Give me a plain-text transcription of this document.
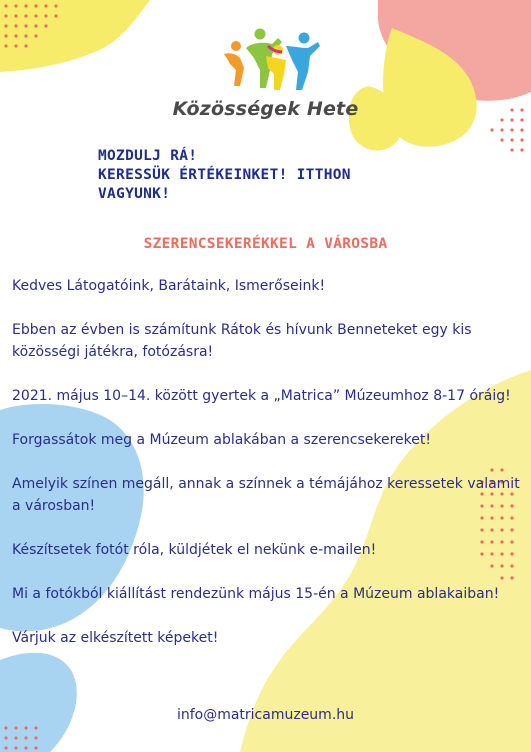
Közösségek Hete
MOZDULJ RÁ!
KERESSÜK ÉRTÉKEINKET! ITTHON
VAGYUNK!
SZERENCSEKERÉKKEL A VÁROSBA

Kedves Látogatóink, Barátaink, Ismerőseink!

Ebben az évben is számítunk Rátok és hívunk Benneteket egy kis közösségi játékra, fotózásra!

2021. május 10–14. között gyertek a „Matrica” Múzeumhoz 8-17 óráig!

Forgassátok meg a Múzeum ablakában a szerencsekereket!

Amelyik színen megáll, annak a színnek a témájához keressetek valamit a városban!

Készítsetek fotót róla, küldjétek el nekünk e-mailen!

Mi a fotókból kiállítást rendezünk május 15-én a Múzeum ablakaiban!

Várjuk az elkészített képeket!

info@matricamuzeum.hu
